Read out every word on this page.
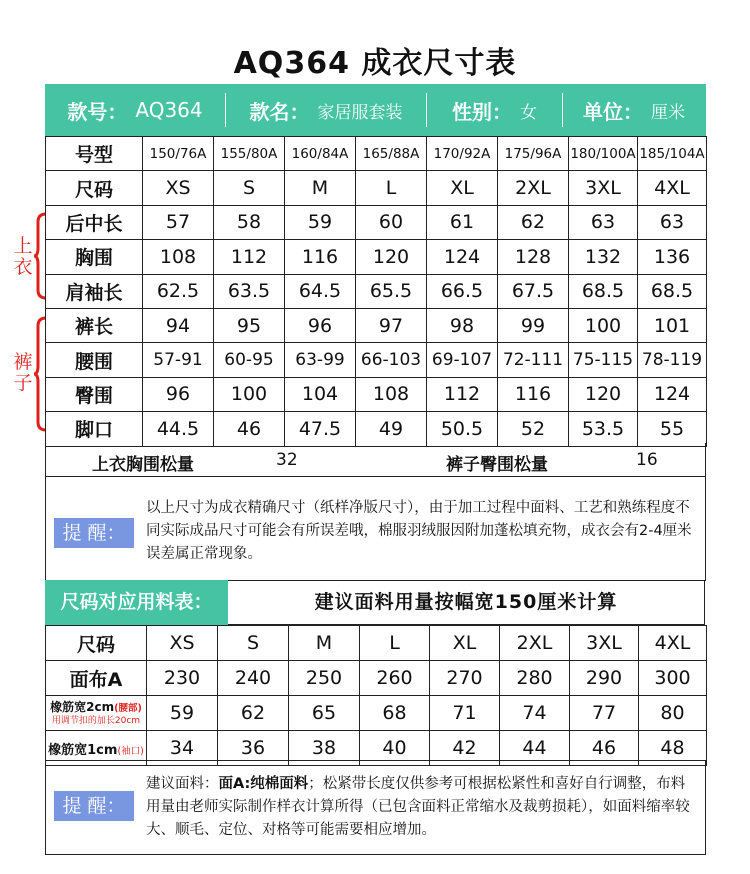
AQ364 成衣尺寸表
款号： AQ364 款名： 家居服套装 性别： 女 单位： 厘米
上衣
裤子
号型	150/76A	155/80A	160/84A	165/88A	170/92A	175/96A	180/100A	185/104A
尺码	XS	S	M	L	XL	2XL	3XL	4XL
后中长	57	58	59	60	61	62	63	63
胸围	108	112	116	120	124	128	132	136
肩袖长	62.5	63.5	64.5	65.5	66.5	67.5	68.5	68.5
裤长	94	95	96	97	98	99	100	101
腰围	57-91	60-95	63-99	66-103	69-107	72-111	75-115	78-119
臀围	96	100	104	108	112	116	120	124
脚口	44.5	46	47.5	49	50.5	52	53.5	55
上衣胸围松量	32	裤子臀围松量	16
提 醒：
以上尺寸为成衣精确尺寸（纸样净版尺寸），由于加工过程中面料、工艺和熟练程度不同实际成品尺寸可能会有所误差哦，棉服羽绒服因附加蓬松填充物，成衣会有2-4厘米误差属正常现象。
尺码对应用料表：	建议面料用量按幅宽150厘米计算
尺码	XS	S	M	L	XL	2XL	3XL	4XL
面布A	230	240	250	260	270	280	290	300

橡筋宽2cm(腰部)
用调节扣的加长20cm	59	62	65	68	71	74	77	80
橡筋宽1cm(袖口)	34	36	38	40	42	44	46	48
提 醒：
建议面料：面A:纯棉面料；松紧带长度仅供参考可根据松紧性和喜好自行调整，布料用量由老师实际制作样衣计算所得（已包含面料正常缩水及裁剪损耗），如面料缩率较大、顺毛、定位、对格等可能需要相应增加。
